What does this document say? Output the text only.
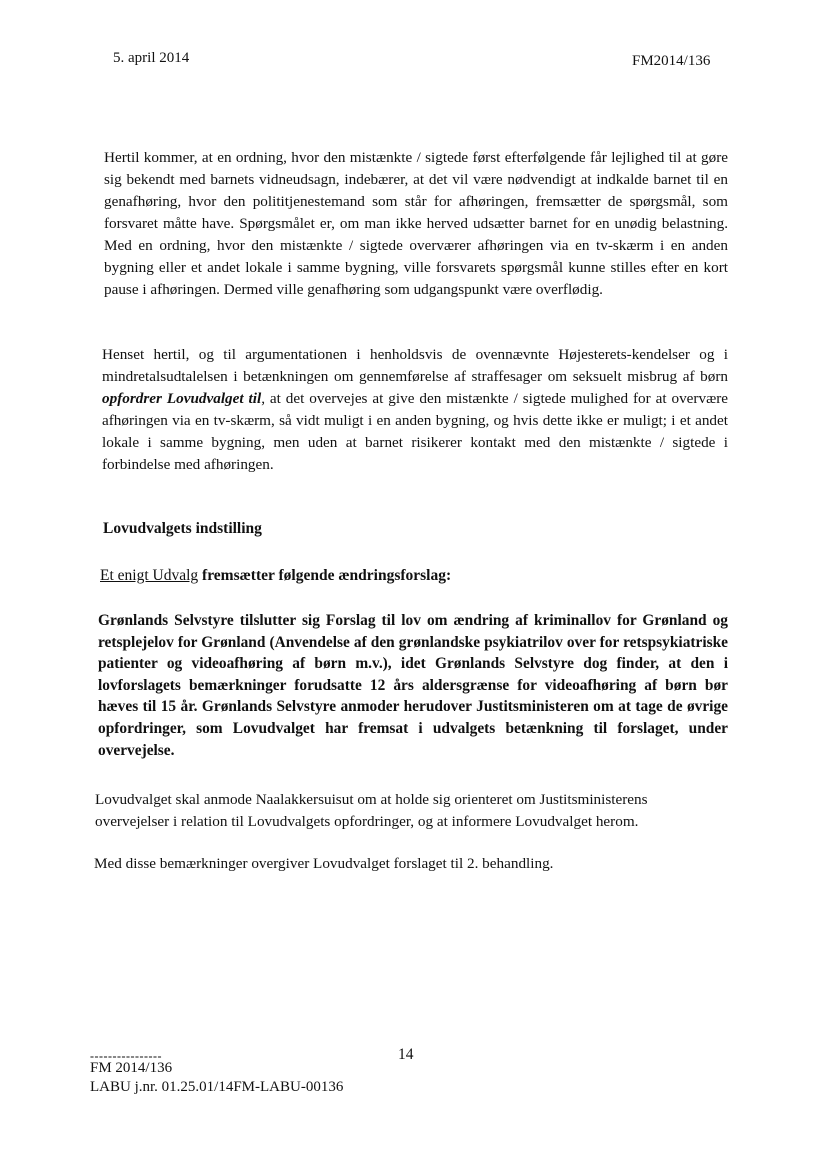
5. april 2014	FM2014/136

Hertil kommer, at en ordning, hvor den mistænkte / sigtede først efterfølgende får lejlighed til at gøre sig bekendt med barnets vidneudsagn, indebærer, at det vil være nødvendigt at indkalde barnet til en genafhøring, hvor den polititjenestemand som står for afhøringen, fremsætter de spørgsmål, som forsvaret måtte have. Spørgsmålet er, om man ikke herved udsætter barnet for en unødig belastning. Med en ordning, hvor den mistænkte / sigtede overværer afhøringen via en tv-skærm i en anden bygning eller et andet lokale i samme bygning, ville forsvarets spørgsmål kunne stilles efter en kort pause i afhøringen. Dermed ville genafhøring som udgangspunkt være overflødig.

Henset hertil, og til argumentationen i henholdsvis de ovennævnte Højesterets-kendelser og i mindretalsudtalelsen i betænkningen om gennemførelse af straffesager om seksuelt misbrug af børn opfordrer Lovudvalget til, at det overvejes at give den mistænkte / sigtede mulighed for at overvære afhøringen via en tv-skærm, så vidt muligt i en anden bygning, og hvis dette ikke er muligt; i et andet lokale i samme bygning, men uden at barnet risikerer kontakt med den mistænkte / sigtede i forbindelse med afhøringen.

Lovudvalgets indstilling
Et enigt Udvalg fremsætter følgende ændringsforslag:

Grønlands Selvstyre tilslutter sig Forslag til lov om ændring af kriminallov for Grønland og retsplejelov for Grønland (Anvendelse af den grønlandske psykiatrilov over for retspsykiatriske patienter og videoafhøring af børn m.v.), idet Grønlands Selvstyre dog finder, at den i lovforslagets bemærkninger forudsatte 12 års aldersgrænse for videoafhøring af børn bør hæves til 15 år. Grønlands Selvstyre anmoder herudover Justitsministeren om at tage de øvrige opfordringer, som Lovudvalget har fremsat i udvalgets betænkning til forslaget, under overvejelse.

Lovudvalget skal anmode Naalakkersuisut om at holde sig orienteret om Justitsministerens overvejelser i relation til Lovudvalgets opfordringer, og at informere Lovudvalget herom.

Med disse bemærkninger overgiver Lovudvalget forslaget til 2. behandling.

----------------	14
FM 2014/136
LABU j.nr. 01.25.01/14FM-LABU-00136
